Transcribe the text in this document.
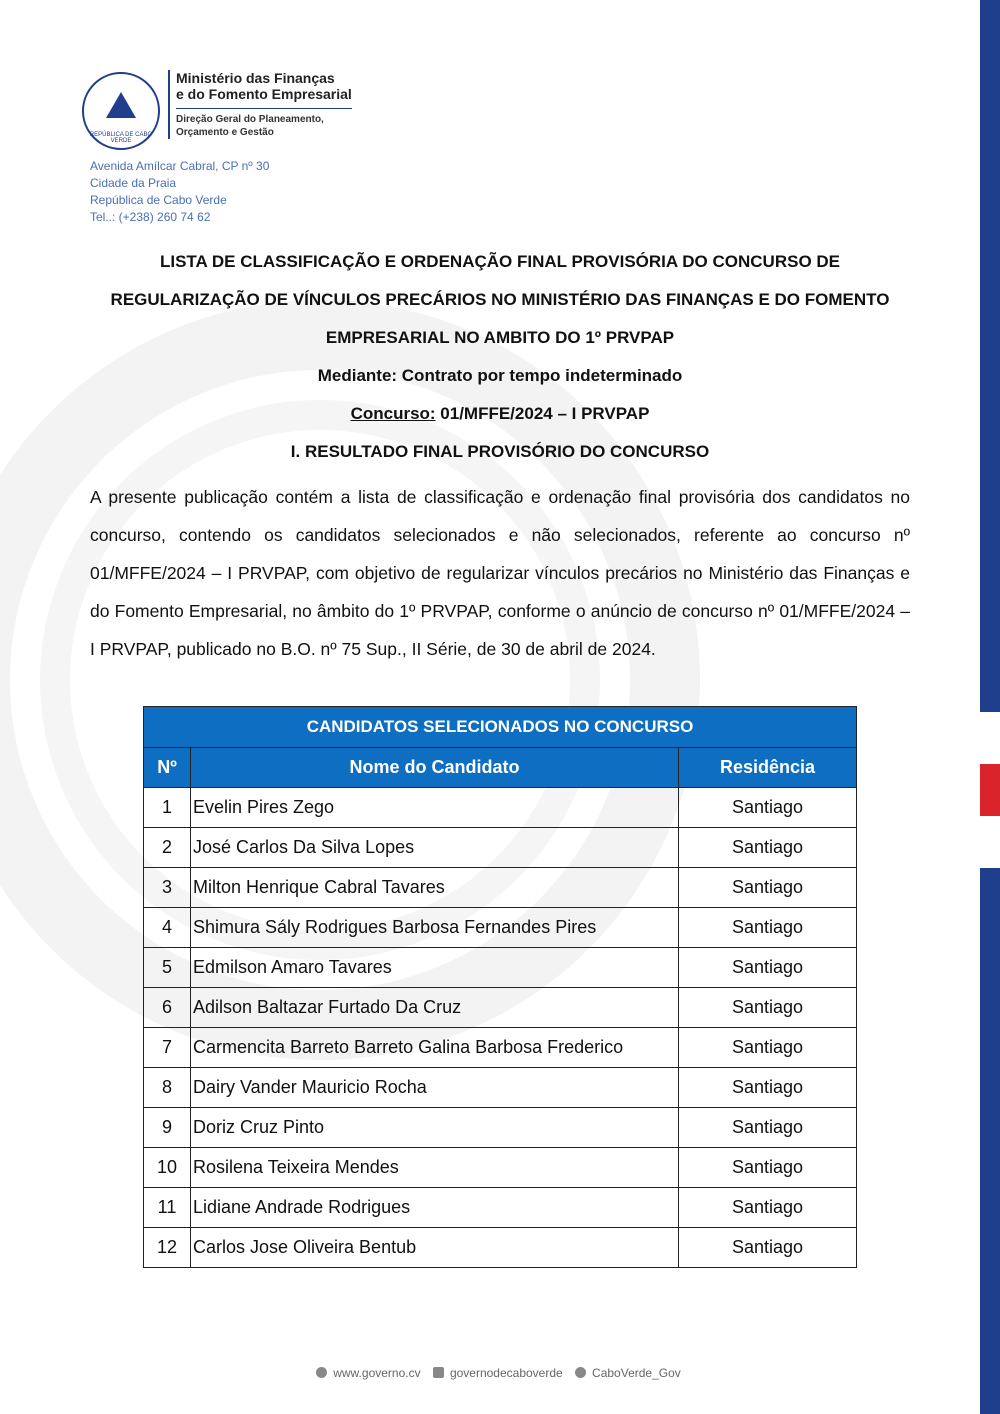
REPÚBLICA DE CABO VERDE
Ministério das Finanças
e do Fomento Empresarial
Direção Geral do Planeamento,
Orçamento e Gestão
Avenida Amílcar Cabral, CP nº 30
Cidade da Praia
República de Cabo Verde
Tel..: (+238) 260 74 62
LISTA DE CLASSIFICAÇÃO E ORDENAÇÃO FINAL PROVISÓRIA DO CONCURSO DE
REGULARIZAÇÃO DE VÍNCULOS PRECÁRIOS NO MINISTÉRIO DAS FINANÇAS E DO FOMENTO
EMPRESARIAL NO AMBITO DO 1º PRVPAP
Mediante: Contrato por tempo indeterminado
Concurso: 01/MFFE/2024 – I PRVPAP
I. RESULTADO FINAL PROVISÓRIO DO CONCURSO
A presente publicação contém a lista de classificação e ordenação final provisória dos candidatos no concurso, contendo os candidatos selecionados e não selecionados, referente ao concurso nº 01/MFFE/2024 – I PRVPAP, com objetivo de regularizar vínculos precários no Ministério das Finanças e do Fomento Empresarial, no âmbito do 1º PRVPAP, conforme o anúncio de concurso nº 01/MFFE/2024 – I PRVPAP, publicado no B.O. nº 75 Sup., II Série, de 30 de abril de 2024.
CANDIDATOS SELECIONADOS NO CONCURSO		
Nº	Nome do Candidato	Residência
1	Evelin Pires Zego	Santiago
2	José Carlos Da Silva Lopes	Santiago
3	Milton Henrique Cabral Tavares	Santiago
4	Shimura Sály Rodrigues Barbosa Fernandes Pires	Santiago
5	Edmilson Amaro Tavares	Santiago
6	Adilson Baltazar Furtado Da Cruz	Santiago
7	Carmencita Barreto Barreto Galina Barbosa Frederico	Santiago
8	Dairy Vander Mauricio Rocha	Santiago
9	Doriz Cruz Pinto	Santiago
10	Rosilena Teixeira Mendes	Santiago
11	Lidiane Andrade Rodrigues	Santiago
12	Carlos Jose Oliveira Bentub	Santiago
www.governo.cv governodecaboverde CaboVerde_Gov
